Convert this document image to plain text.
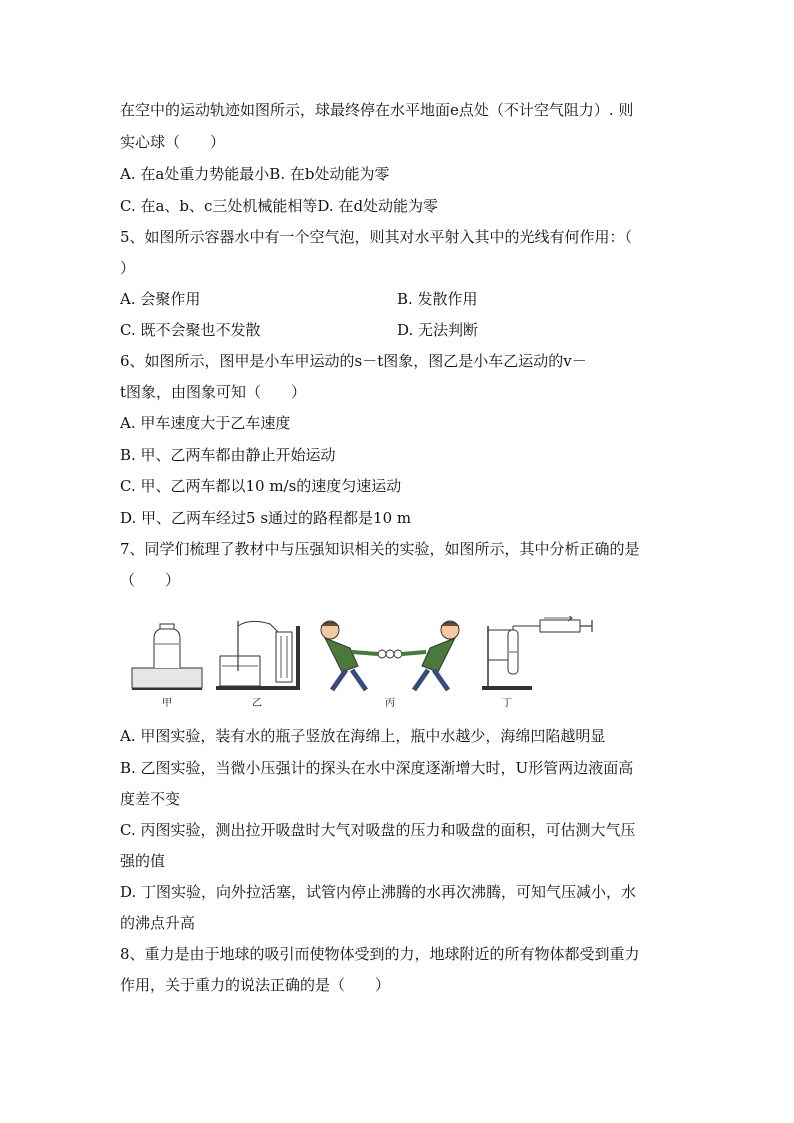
在空中的运动轨迹如图所示，球最终停在水平地面e点处（不计空气阻力）. 则
实心球（　　）
A. 在a处重力势能最小B. 在b处动能为零
C. 在a、b、c三处机械能相等D. 在d处动能为零
5、如图所示容器水中有一个空气泡，则其对水平射入其中的光线有何作用：（
）
A. 会聚作用	B. 发散作用
C. 既不会聚也不发散	D. 无法判断
6、如图所示，图甲是小车甲运动的s－t图象，图乙是小车乙运动的v－
t图象，由图象可知（　　）
A. 甲车速度大于乙车速度
B. 甲、乙两车都由静止开始运动
C. 甲、乙两车都以10 m/s的速度匀速运动
D. 甲、乙两车经过5 s通过的路程都是10 m
7、同学们梳理了教材中与压强知识相关的实验，如图所示，其中分析正确的是
（　　）
甲	乙	丙	丁
A. 甲图实验，装有水的瓶子竖放在海绵上，瓶中水越少，海绵凹陷越明显
B. 乙图实验，当微小压强计的探头在水中深度逐渐增大时，U形管两边液面高
度差不变
C. 丙图实验，测出拉开吸盘时大气对吸盘的压力和吸盘的面积，可估测大气压
强的值
D. 丁图实验，向外拉活塞，试管内停止沸腾的水再次沸腾，可知气压减小，水
的沸点升高
8、重力是由于地球的吸引而使物体受到的力，地球附近的所有物体都受到重力
作用，关于重力的说法正确的是（　　）
